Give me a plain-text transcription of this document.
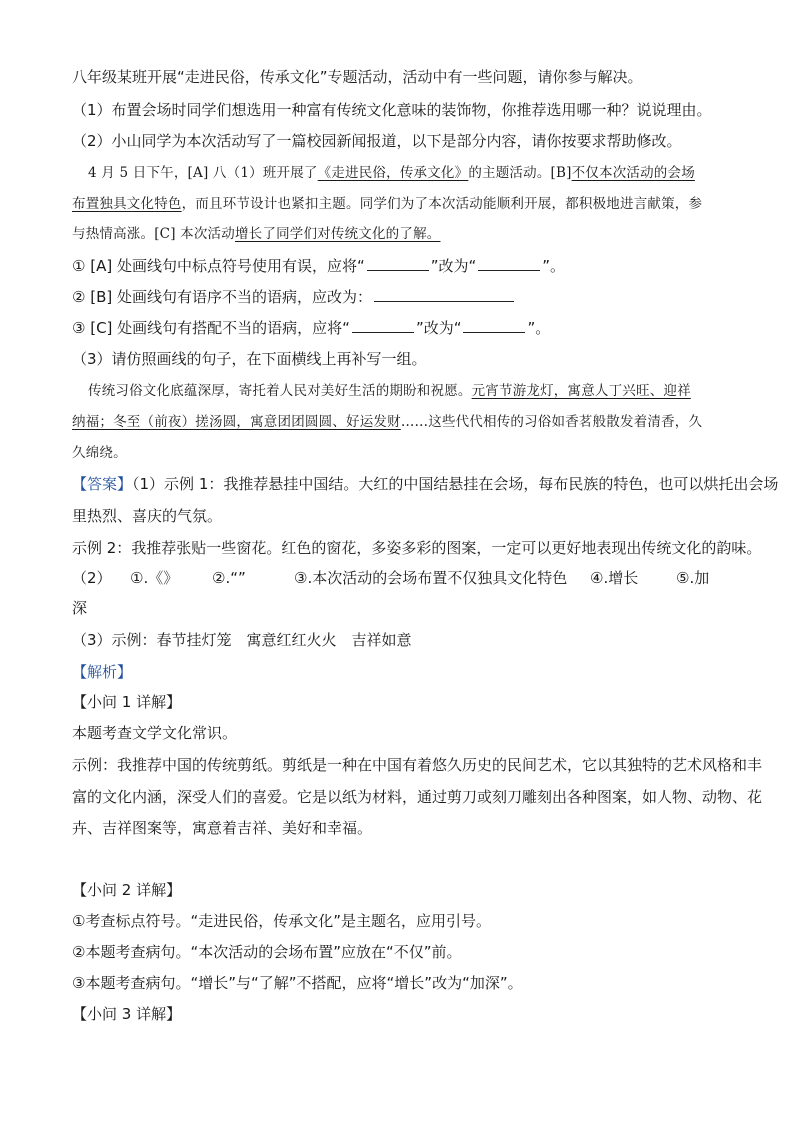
八年级某班开展“走进民俗，传承文化”专题活动，活动中有一些问题，请你参与解决。
（1）布置会场时同学们想选用一种富有传统文化意味的装饰物，你推荐选用哪一种？说说理由。
（2）小山同学为本次活动写了一篇校园新闻报道，以下是部分内容，请你按要求帮助修改。
4 月 5 日下午，[A] 八（1）班开展了《走进民俗，传承文化》的主题活动。[B]不仅本次活动的会场
布置独具文化特色，而且环节设计也紧扣主题。同学们为了本次活动能顺利开展，都积极地进言献策，参
与热情高涨。[C] 本次活动增长了同学们对传统文化的了解。
① [A] 处画线句中标点符号使用有误，应将“	”改为“	”。
② [B] 处画线句有语序不当的语病，应改为：
③ [C] 处画线句有搭配不当的语病，应将“	”改为“	”。
（3）请仿照画线的句子，在下面横线上再补写一组。
传统习俗文化底蕴深厚，寄托着人民对美好生活的期盼和祝愿。元宵节游龙灯，寓意人丁兴旺、迎祥
纳福；冬至（前夜）搓汤圆，寓意团团圆圆、好运发财……这些代代相传的习俗如香茗般散发着清香，久
久绵绕。
【答案】（1）示例 1：我推荐悬挂中国结。大红的中国结悬挂在会场，每布民族的特色，也可以烘托出会场
里热烈、喜庆的气氛。
示例 2：我推荐张贴一些窗花。红色的窗花，多姿多彩的图案，一定可以更好地表现出传统文化的韵味。
（2） ①.《》 ②.“”	③.本次活动的会场布置不仅独具文化特色 ④.增长	⑤.加
深
（3）示例：春节挂灯笼　寓意红红火火　吉祥如意
【解析】
【小问 1 详解】
本题考查文学文化常识。
示例：我推荐中国的传统剪纸。剪纸是一种在中国有着悠久历史的民间艺术，它以其独特的艺术风格和丰
富的文化内涵，深受人们的喜爱。它是以纸为材料，通过剪刀或刻刀雕刻出各种图案，如人物、动物、花
卉、吉祥图案等，寓意着吉祥、美好和幸福。
【小问 2 详解】
①考查标点符号。“走进民俗，传承文化”是主题名，应用引号。
②本题考查病句。“本次活动的会场布置”应放在“不仅”前。
③本题考查病句。“增长”与“了解”不搭配，应将“增长”改为“加深”。
【小问 3 详解】
